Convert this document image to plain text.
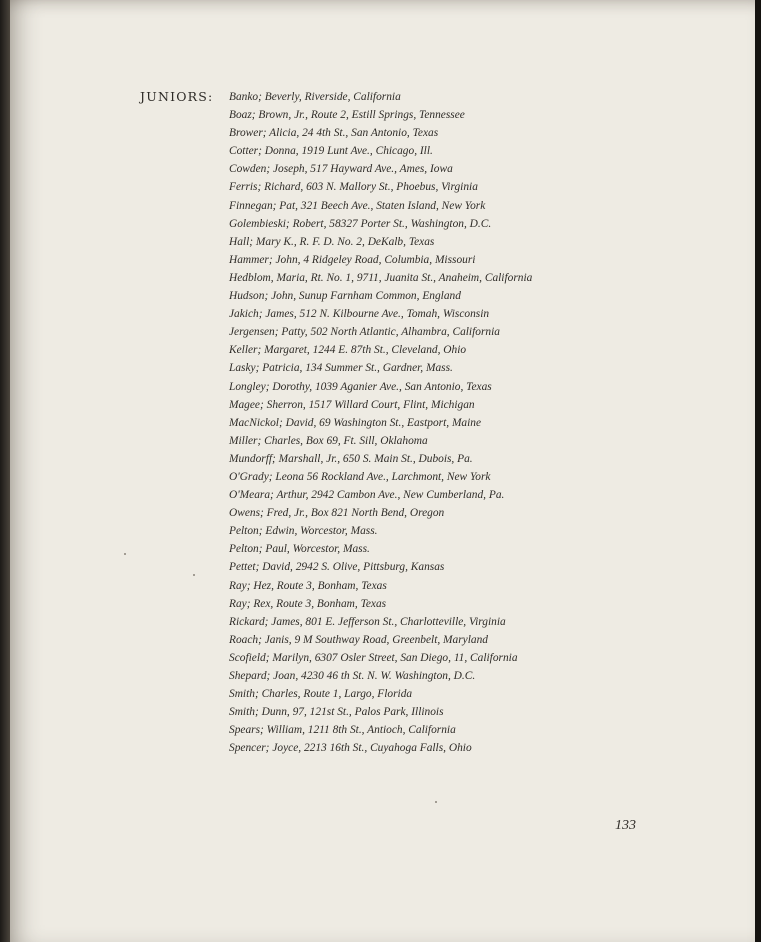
JUNIORS: Banko; Beverly, Riverside, California
Boaz; Brown, Jr., Route 2, Estill Springs, Tennessee
Brower; Alicia, 24 4th St., San Antonio, Texas
Cotter; Donna, 1919 Lunt Ave., Chicago, Ill.
Cowden; Joseph, 517 Hayward Ave., Ames, Iowa
Ferris; Richard, 603 N. Mallory St., Phoebus, Virginia
Finnegan; Pat, 321 Beech Ave., Staten Island, New York
Golembieski; Robert, 58327 Porter St., Washington, D.C.
Hall; Mary K., R. F. D. No. 2, DeKalb, Texas
Hammer; John, 4 Ridgeley Road, Columbia, Missouri
Hedblom, Maria, Rt. No. 1, 9711, Juanita St., Anaheim, California
Hudson; John, Sunup Farnham Common, England
Jakich; James, 512 N. Kilbourne Ave., Tomah, Wisconsin
Jergensen; Patty, 502 North Atlantic, Alhambra, California
Keller; Margaret, 1244 E. 87th St., Cleveland, Ohio
Lasky; Patricia, 134 Summer St., Gardner, Mass.
Longley; Dorothy, 1039 Aganier Ave., San Antonio, Texas
Magee; Sherron, 1517 Willard Court, Flint, Michigan
MacNickol; David, 69 Washington St., Eastport, Maine
Miller; Charles, Box 69, Ft. Sill, Oklahoma
Mundorff; Marshall, Jr., 650 S. Main St., Dubois, Pa.
O'Grady; Leona 56 Rockland Ave., Larchmont, New York
O'Meara; Arthur, 2942 Cambon Ave., New Cumberland, Pa.
Owens; Fred, Jr., Box 821 North Bend, Oregon
Pelton; Edwin, Worcestor, Mass.
Pelton; Paul, Worcestor, Mass.
Pettet; David, 2942 S. Olive, Pittsburg, Kansas
Ray; Hez, Route 3, Bonham, Texas
Ray; Rex, Route 3, Bonham, Texas
Rickard; James, 801 E. Jefferson St., Charlotteville, Virginia
Roach; Janis, 9 M Southway Road, Greenbelt, Maryland
Scofield; Marilyn, 6307 Osler Street, San Diego, 11, California
Shepard; Joan, 4230 46 th St. N. W. Washington, D.C.
Smith; Charles, Route 1, Largo, Florida
Smith; Dunn, 97, 121st St., Palos Park, Illinois
Spears; William, 1211 8th St., Antioch, California
Spencer; Joyce, 2213 16th St., Cuyahoga Falls, Ohio
133
